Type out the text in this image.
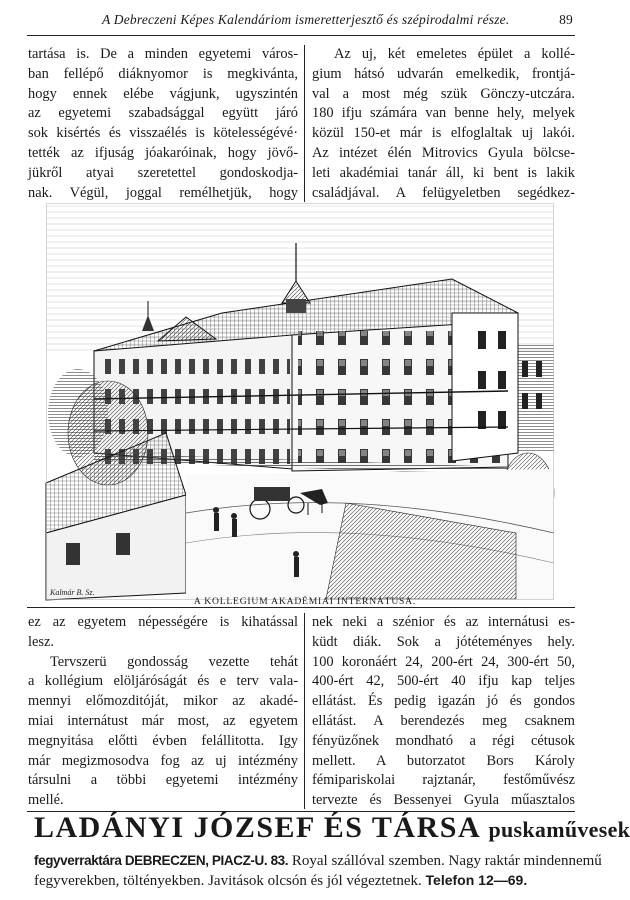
A Debreczeni Képes Kalendáriom ismeretterjesztő és szépirodalmi része.	89
tartása is. De a minden egyetemi város-
ban fellépő diáknyomor is megkivánta,
hogy ennek elébe vágjunk, ugyszintén
az egyetemi szabadsággal együtt járó
sok kisértés és visszaélés is kötelességévé·
tették az ifjuság jóakaróinak, hogy jövő-
jükről atyai szeretettel gondoskodja-
nak. Végül, joggal remélhetjük, hogy
Az uj, két emeletes épület a kollé-
gium hátsó udvarán emelkedik, frontjá-
val a most még szük Gönczy-utczára.
180 ifju számára van benne hely, melyek
közül 150-et már is elfoglaltak uj lakói.
Az intézet élén Mitrovics Gyula bölcse-
leti akadémiai tanár áll, ki bent is lakik
családjával. A felügyeletben segédkez-
Kalmár B. Sz.
A KOLLEGIUM AKADÉMIAI INTERNÁTUSA.
ez az egyetem népességére is kihatással
lesz.
Tervszerü gondosság vezette tehát
a kollégium elöljáróságát és e terv vala-
mennyi előmozditóját, mikor az akadé-
miai internátust már most, az egyetem
megnyitása előtti évben felállitotta. Igy
már megizmosodva fog az uj intézmény
társulni a többi egyetemi intézmény
mellé.
nek neki a szénior és az internátusi es-
küdt diák. Sok a jótéteményes hely.
100 koronáért 24, 200-ért 24, 300-ért 50,
400-ért 42, 500-ért 40 ifju kap teljes
ellátást. És pedig igazán jó és gondos
ellátást. A berendezés meg csaknem
fényüzőnek mondható a régi cétusok
mellett. A butorzatot Bors Károly
fémipariskolai rajztanár, festőművész
tervezte és Bessenyei Gyula műasztalos
LADÁNYI JÓZSEF ÉS TÁRSA puskaművesek
fegyverraktára DEBRECZEN, PIACZ-U. 83. Royal szállóval szemben. Nagy raktár mindennemű
fegyverekben, töltényekben. Javitások olcsón és jól végeztetnek. Telefon 12—69.
